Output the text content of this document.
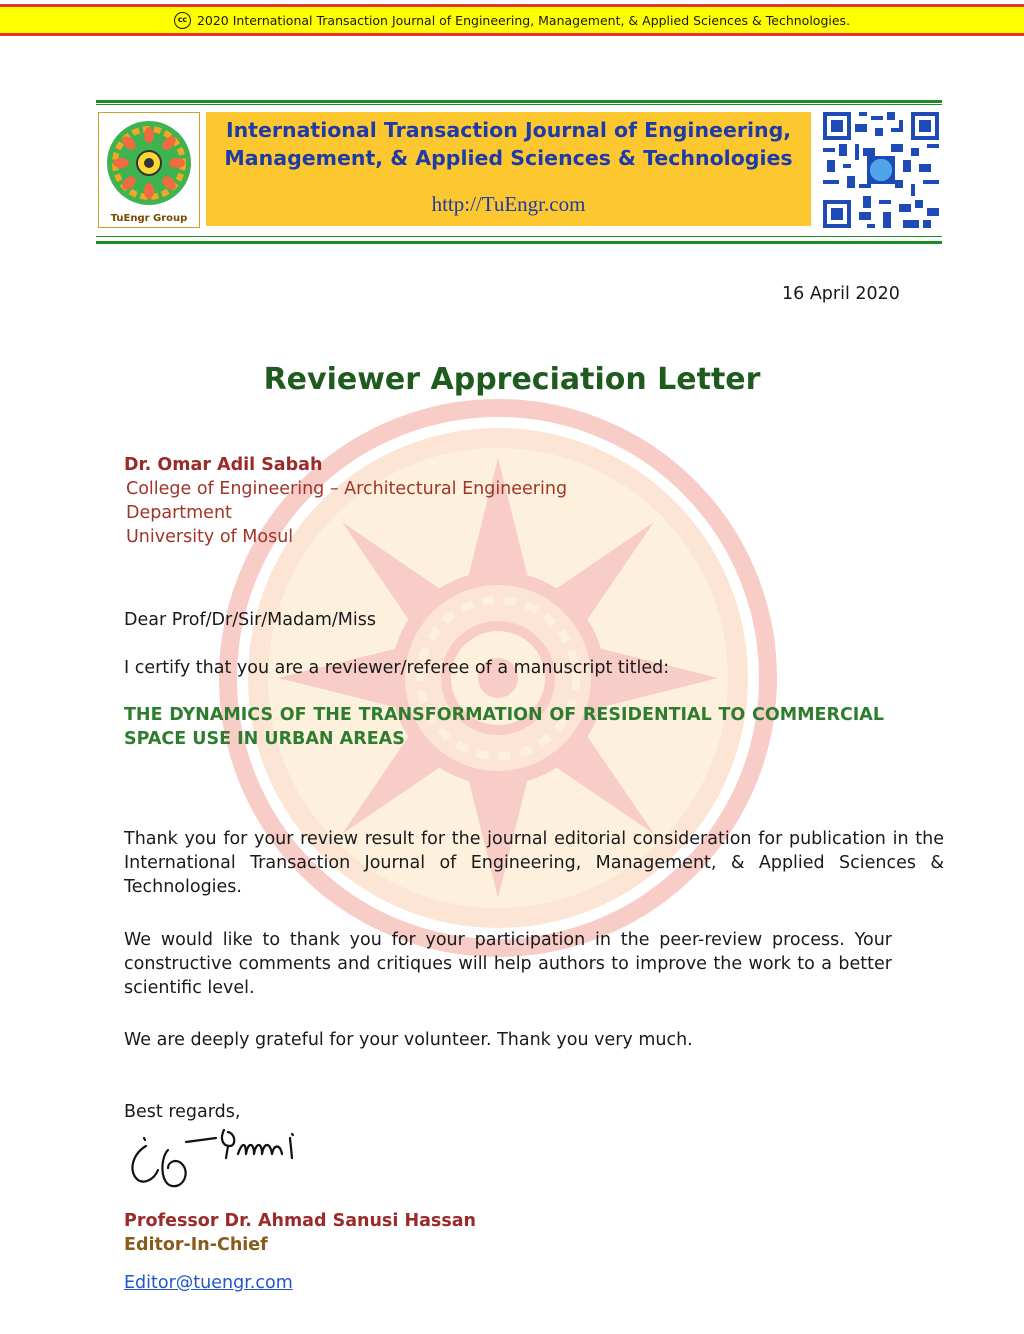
cc 2020 International Transaction Journal of Engineering, Management, & Applied Sciences & Technologies.
TuEngr Group
International Transaction Journal of Engineering,
Management, & Applied Sciences & Technologies
http://TuEngr.com
16 April 2020
Reviewer Appreciation Letter
Dr. Omar Adil Sabah
College of Engineering – Architectural Engineering
Department
University of Mosul
Dear Prof/Dr/Sir/Madam/Miss
I certify that you are a reviewer/referee of a manuscript titled:
THE DYNAMICS OF THE TRANSFORMATION OF RESIDENTIAL TO COMMERCIAL SPACE USE IN URBAN AREAS
Thank you for your review result for the journal editorial consideration for publication in the International Transaction Journal of Engineering, Management, & Applied Sciences & Technologies.
We would like to thank you for your participation in the peer-review process. Your constructive comments and critiques will help authors to improve the work to a better scientific level.
We are deeply grateful for your volunteer. Thank you very much.
Best regards,
Professor Dr. Ahmad Sanusi Hassan
Editor-In-Chief
Editor@tuengr.com
